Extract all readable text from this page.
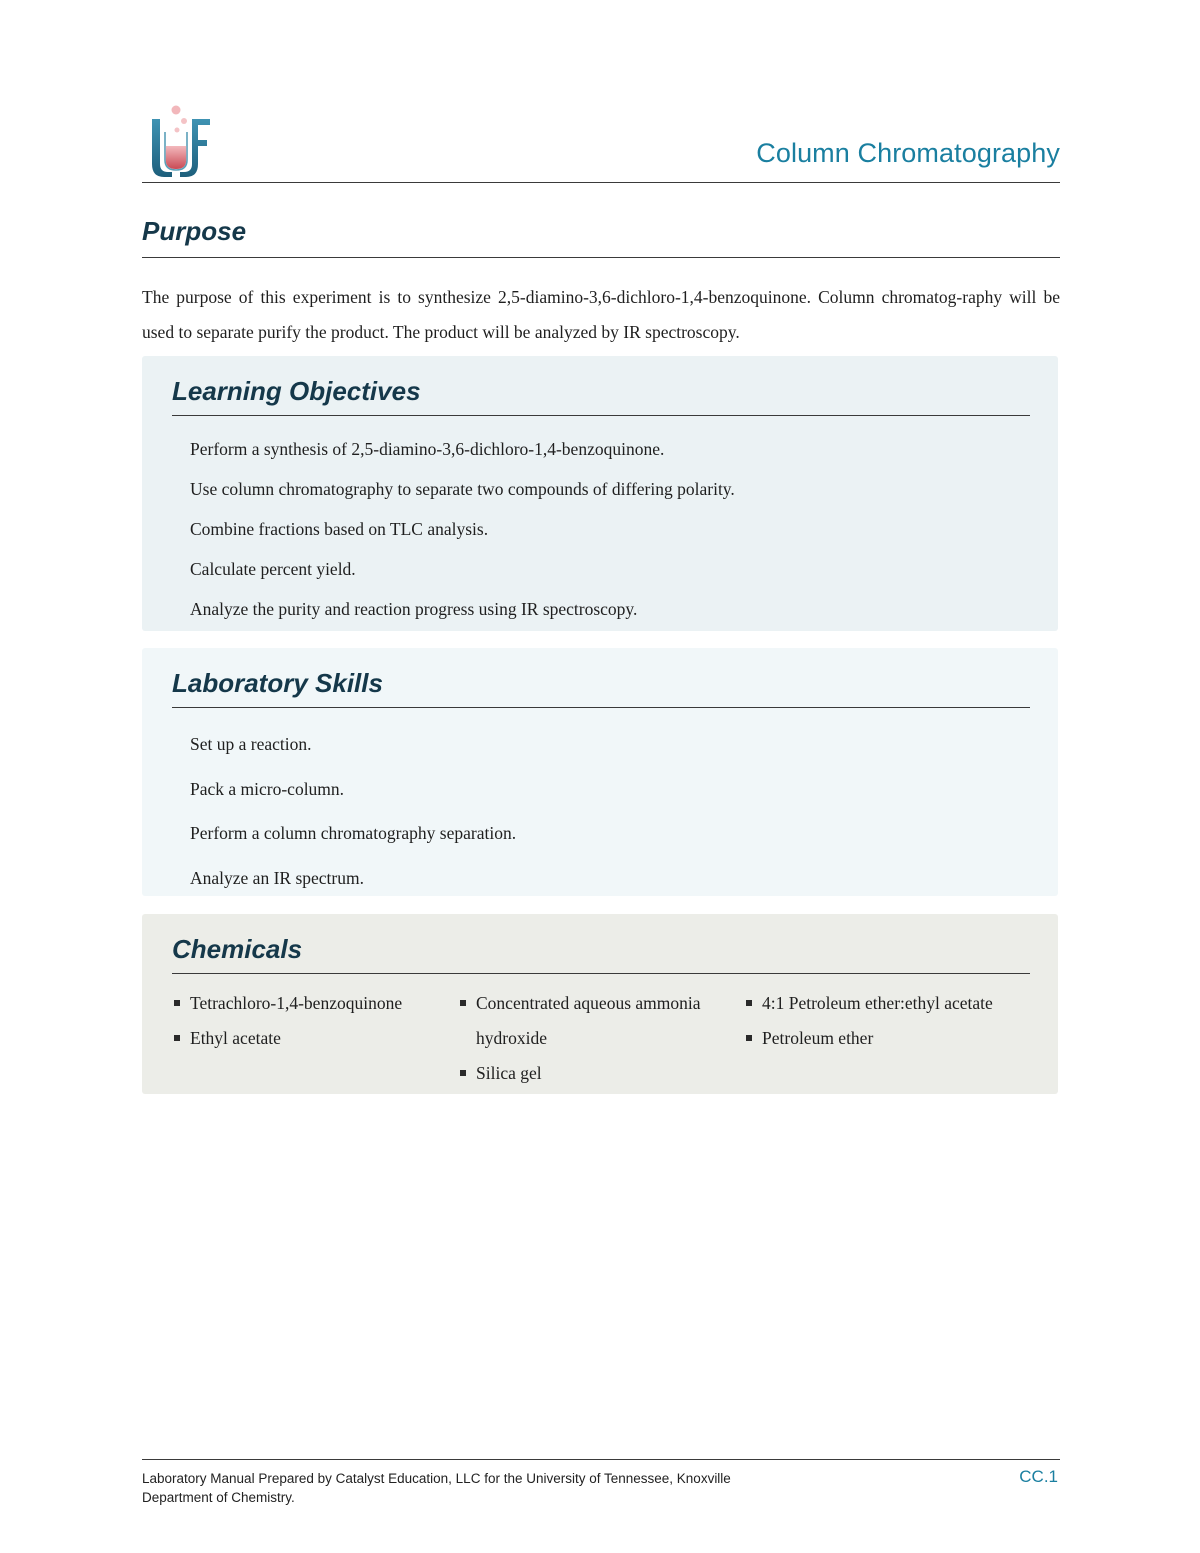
Column Chromatography
Purpose

The purpose of this experiment is to synthesize 2,5-diamino-3,6-dichloro-1,4-benzoquinone. Column chromatog-raphy will be used to separate purify the product. The product will be analyzed by IR spectroscopy.

Learning Objectives
Perform a synthesis of 2,5-diamino-3,6-dichloro-1,4-benzoquinone.
Use column chromatography to separate two compounds of differing polarity.
Combine fractions based on TLC analysis.
Calculate percent yield.
Analyze the purity and reaction progress using IR spectroscopy.
Laboratory Skills
Set up a reaction.
Pack a micro-column.
Perform a column chromatography separation.
Analyze an IR spectrum.
Chemicals
Tetrachloro-1,4-benzoquinone
Ethyl acetate
Concentrated aqueous ammonia hydroxide
Silica gel
4:1 Petroleum ether:ethyl acetate
Petroleum ether
Laboratory Manual Prepared by Catalyst Education, LLC for the University of Tennessee, Knoxville
Department of Chemistry.
CC.1
